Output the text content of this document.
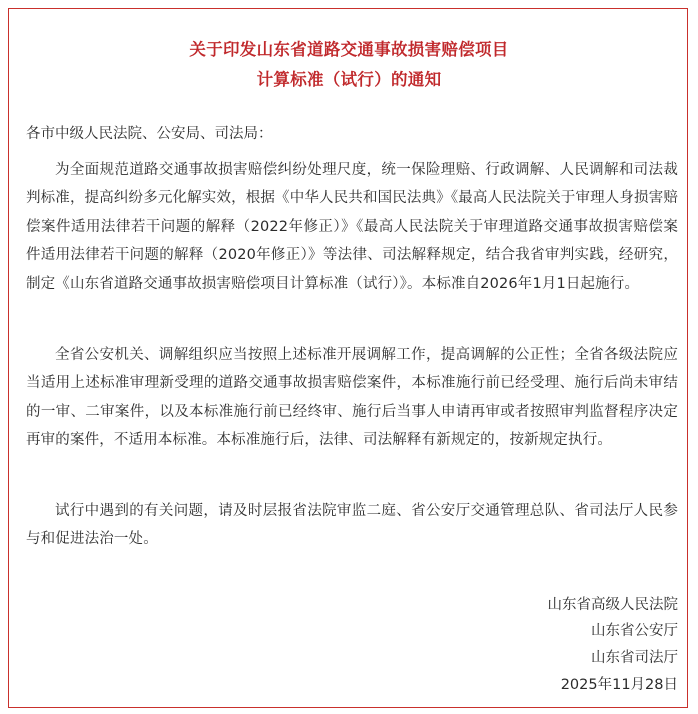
关于印发山东省道路交通事故损害赔偿项目
计算标准（试行）的通知
各市中级人民法院、公安局、司法局：
为全面规范道路交通事故损害赔偿纠纷处理尺度，统一保险理赔、行政调解、人民调解和司法裁判标准，提高纠纷多元化解实效，根据《中华人民共和国民法典》《最高人民法院关于审理人身损害赔偿案件适用法律若干问题的解释（2022年修正）》《最高人民法院关于审理道路交通事故损害赔偿案件适用法律若干问题的解释（2020年修正）》等法律、司法解释规定，结合我省审判实践，经研究，制定《山东省道路交通事故损害赔偿项目计算标准（试行）》。本标准自2026年1月1日起施行。
全省公安机关、调解组织应当按照上述标准开展调解工作，提高调解的公正性；全省各级法院应当适用上述标准审理新受理的道路交通事故损害赔偿案件，本标准施行前已经受理、施行后尚未审结的一审、二审案件，以及本标准施行前已经终审、施行后当事人申请再审或者按照审判监督程序决定再审的案件，不适用本标准。本标准施行后，法律、司法解释有新规定的，按新规定执行。
试行中遇到的有关问题，请及时层报省法院审监二庭、省公安厅交通管理总队、省司法厅人民参与和促进法治一处。
山东省高级人民法院
山东省公安厅
山东省司法厅
2025年11月28日
